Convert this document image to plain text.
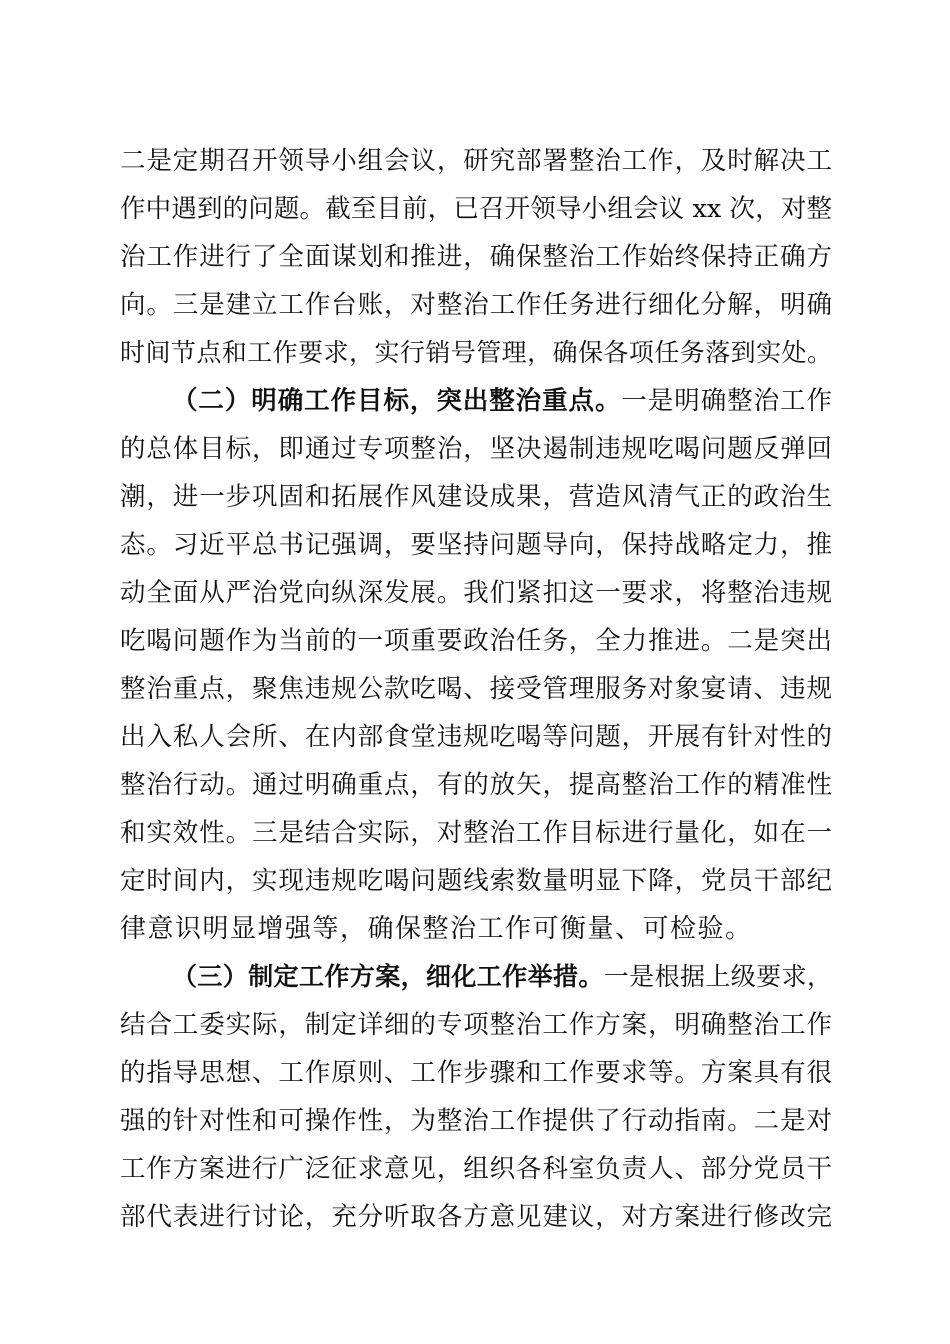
二是定期召开领导小组会议，研究部署整治工作，及时解决工

作中遇到的问题。截至目前，已召开领导小组会议 xx 次，对整

治工作进行了全面谋划和推进，确保整治工作始终保持正确方

向。三是建立工作台账，对整治工作任务进行细化分解，明确

时间节点和工作要求，实行销号管理，确保各项任务落到实处。

（二）明确工作目标，突出整治重点。一是明确整治工作

的总体目标，即通过专项整治，坚决遏制违规吃喝问题反弹回

潮，进一步巩固和拓展作风建设成果，营造风清气正的政治生

态。习近平总书记强调，要坚持问题导向，保持战略定力，推

动全面从严治党向纵深发展。我们紧扣这一要求，将整治违规

吃喝问题作为当前的一项重要政治任务，全力推进。二是突出

整治重点，聚焦违规公款吃喝、接受管理服务对象宴请、违规

出入私人会所、在内部食堂违规吃喝等问题，开展有针对性的

整治行动。通过明确重点，有的放矢，提高整治工作的精准性

和实效性。三是结合实际，对整治工作目标进行量化，如在一

定时间内，实现违规吃喝问题线索数量明显下降，党员干部纪

律意识明显增强等，确保整治工作可衡量、可检验。

（三）制定工作方案，细化工作举措。一是根据上级要求，

结合工委实际，制定详细的专项整治工作方案，明确整治工作

的指导思想、工作原则、工作步骤和工作要求等。方案具有很

强的针对性和可操作性，为整治工作提供了行动指南。二是对

工作方案进行广泛征求意见，组织各科室负责人、部分党员干

部代表进行讨论，充分听取各方意见建议，对方案进行修改完
